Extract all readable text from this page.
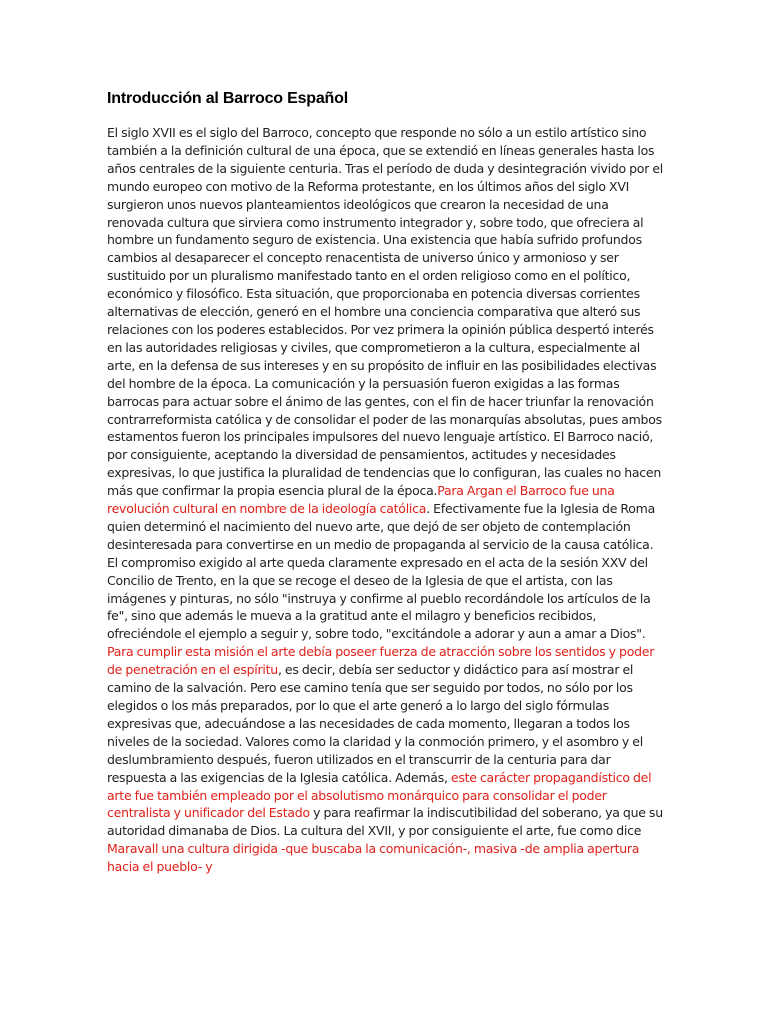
Introducción al Barroco Español

El siglo XVII es el siglo del Barroco, concepto que responde no sólo a un estilo artístico sino también a la definición cultural de una época, que se extendió en líneas generales hasta los años centrales de la siguiente centuria. Tras el período de duda y desintegración vivido por el mundo europeo con motivo de la Reforma protestante, en los últimos años del siglo XVI surgieron unos nuevos planteamientos ideológicos que crearon la necesidad de una renovada cultura que sirviera como instrumento integrador y, sobre todo, que ofreciera al hombre un fundamento seguro de existencia. Una existencia que había sufrido profundos cambios al desaparecer el concepto renacentista de universo único y armonioso y ser sustituido por un pluralismo manifestado tanto en el orden religioso como en el político, económico y filosófico. Esta situación, que proporcionaba en potencia diversas corrientes alternativas de elección, generó en el hombre una conciencia comparativa que alteró sus relaciones con los poderes establecidos. Por vez primera la opinión pública despertó interés en las autoridades religiosas y civiles, que comprometieron a la cultura, especialmente al arte, en la defensa de sus intereses y en su propósito de influir en las posibilidades electivas del hombre de la época. La comunicación y la persuasión fueron exigidas a las formas barrocas para actuar sobre el ánimo de las gentes, con el fin de hacer triunfar la renovación contrarreformista católica y de consolidar el poder de las monarquías absolutas, pues ambos estamentos fueron los principales impulsores del nuevo lenguaje artístico. El Barroco nació, por consiguiente, aceptando la diversidad de pensamientos, actitudes y necesidades expresivas, lo que justifica la pluralidad de tendencias que lo configuran, las cuales no hacen más que confirmar la propia esencia plural de la época.Para Argan el Barroco fue una revolución cultural en nombre de la ideología católica. Efectivamente fue la Iglesia de Roma quien determinó el nacimiento del nuevo arte, que dejó de ser objeto de contemplación desinteresada para convertirse en un medio de propaganda al servicio de la causa católica. El compromiso exigido al arte queda claramente expresado en el acta de la sesión XXV del Concilio de Trento, en la que se recoge el deseo de la Iglesia de que el artista, con las imágenes y pinturas, no sólo "instruya y confirme al pueblo recordándole los artículos de la fe", sino que además le mueva a la gratitud ante el milagro y beneficios recibidos, ofreciéndole el ejemplo a seguir y, sobre todo, "excitándole a adorar y aun a amar a Dios". Para cumplir esta misión el arte debía poseer fuerza de atracción sobre los sentidos y poder de penetración en el espíritu, es decir, debía ser seductor y didáctico para así mostrar el camino de la salvación. Pero ese camino tenía que ser seguido por todos, no sólo por los elegidos o los más preparados, por lo que el arte generó a lo largo del siglo fórmulas expresivas que, adecuándose a las necesidades de cada momento, llegaran a todos los niveles de la sociedad. Valores como la claridad y la conmoción primero, y el asombro y el deslumbramiento después, fueron utilizados en el transcurrir de la centuria para dar respuesta a las exigencias de la Iglesia católica. Además, este carácter propagandístico del arte fue también empleado por el absolutismo monárquico para consolidar el poder centralista y unificador del Estado y para reafirmar la indiscutibilidad del soberano, ya que su autoridad dimanaba de Dios. La cultura del XVII, y por consiguiente el arte, fue como dice Maravall una cultura dirigida -que buscaba la comunicación-, masiva -de amplia apertura hacia el pueblo- y
